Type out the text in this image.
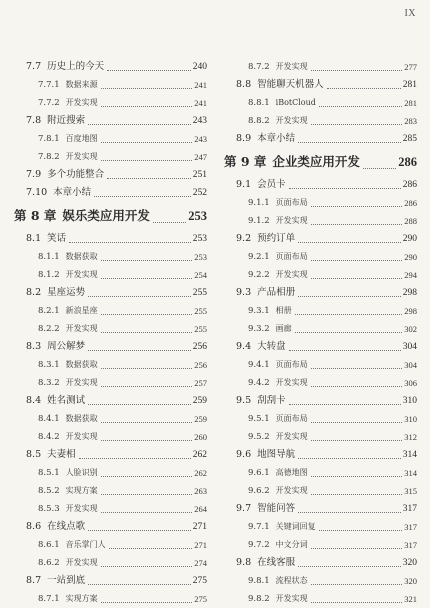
IX
7.7 历史上的今天	240
7.7.1 数据来源	241
7.7.2 开发实现	241
7.8 附近搜索	243
7.8.1 百度地图	243
7.8.2 开发实现	247
7.9 多个功能整合	251
7.10 本章小结	252
第 8 章 娱乐类应用开发	253
8.1 笑话	253
8.1.1 数据获取	253
8.1.2 开发实现	254
8.2 星座运势	255
8.2.1 新浪星座	255
8.2.2 开发实现	255
8.3 周公解梦	256
8.3.1 数据获取	256
8.3.2 开发实现	257
8.4 姓名测试	259
8.4.1 数据获取	259
8.4.2 开发实现	260
8.5 夫妻相	262
8.5.1 人脸识别	262
8.5.2 实现方案	263
8.5.3 开发实现	264
8.6 在线点歌	271
8.6.1 音乐掌门人	271
8.6.2 开发实现	274
8.7 一站到底	275
8.7.1 实现方案	275
8.7.2 开发实现	277
8.8 智能聊天机器人	281
8.8.1 iBotCloud	281
8.8.2 开发实现	283
8.9 本章小结	285
第 9 章 企业类应用开发	286
9.1 会员卡	286
9.1.1 页面布局	286
9.1.2 开发实现	288
9.2 预约订单	290
9.2.1 页面布局	290
9.2.2 开发实现	294
9.3 产品相册	298
9.3.1 相册	298
9.3.2 画廊	302
9.4 大转盘	304
9.4.1 页面布局	304
9.4.2 开发实现	306
9.5 刮刮卡	310
9.5.1 页面布局	310
9.5.2 开发实现	312
9.6 地图导航	314
9.6.1 高德地图	314
9.6.2 开发实现	315
9.7 智能问答	317
9.7.1 关键词回复	317
9.7.2 中文分词	317
9.8 在线客服	320
9.8.1 流程状态	320
9.8.2 开发实现	321
